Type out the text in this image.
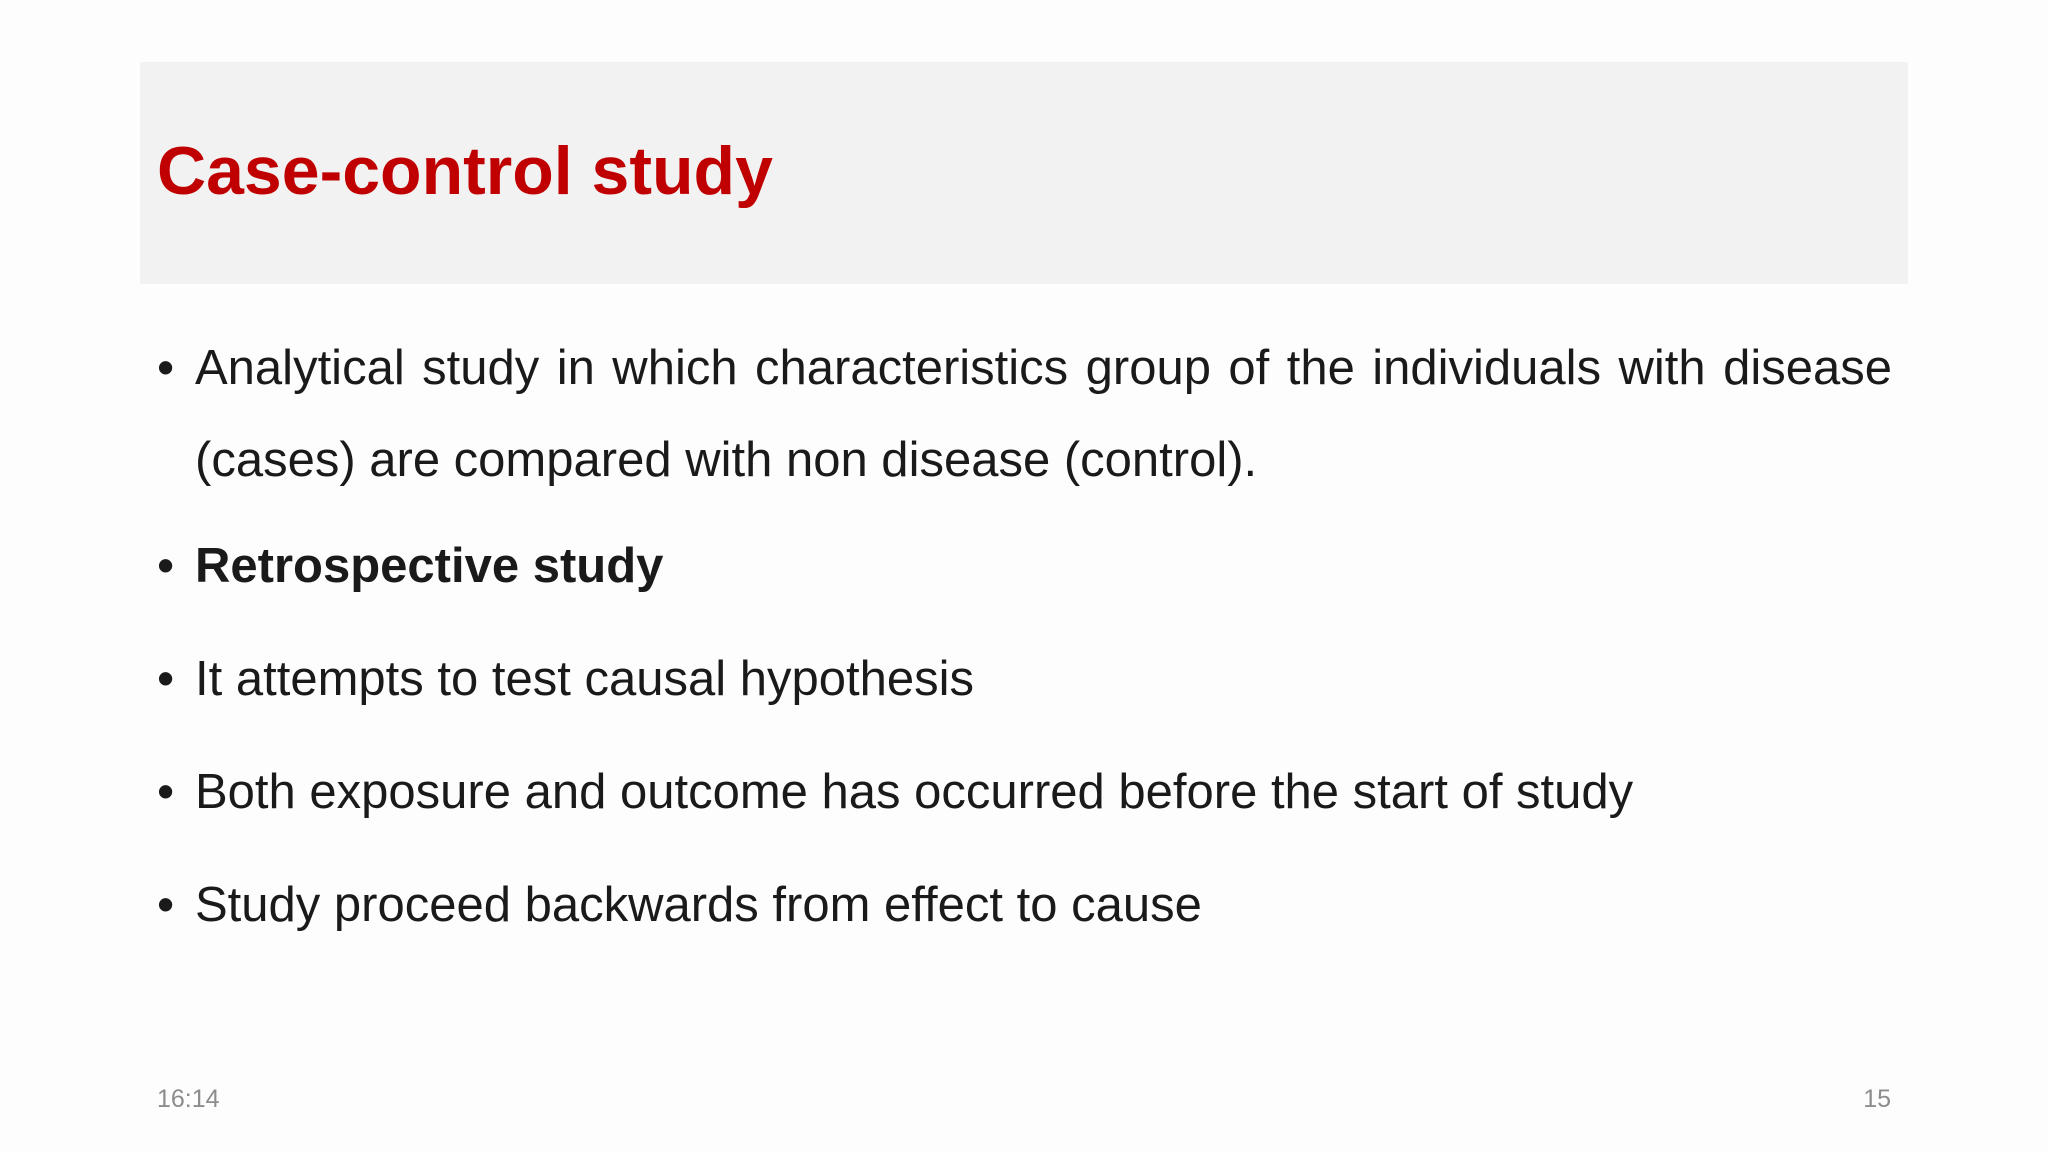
Case-control study
• Analytical study in which characteristics group of the individuals with disease (cases) are compared with non disease (control).
• Retrospective study
• It attempts to test causal hypothesis
• Both exposure and outcome has occurred before the start of study
• Study proceed backwards from effect to cause
16:14	15
